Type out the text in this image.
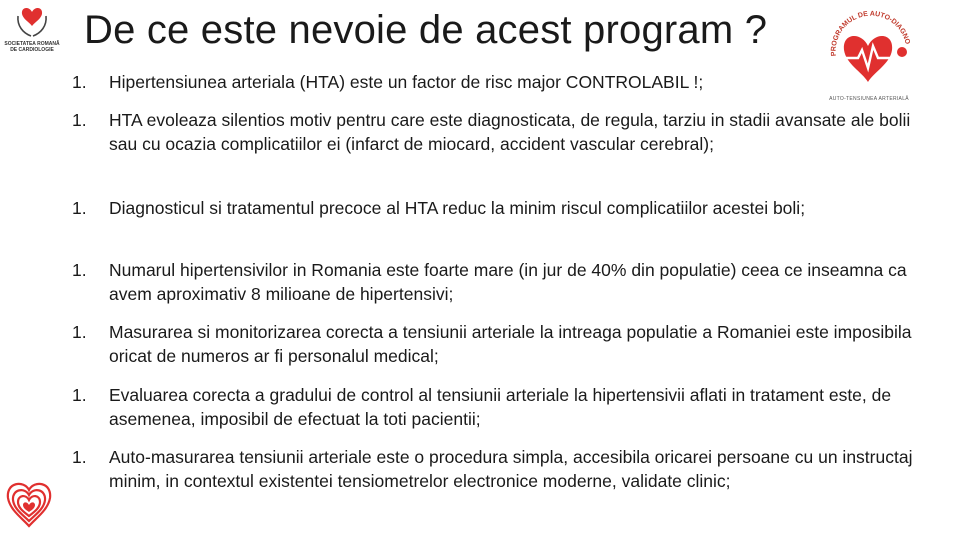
SOCIETATEA ROMANĂ DE CARDIOLOGIE De ce este nevoie de acest program ?
PROGRAMUL DE AUTO-DIAGNO
AUTO-TENSIUNEA ARTERIALĂ
1.	Hipertensiunea arteriala (HTA) este un factor de risc major CONTROLABIL !;
1.	HTA evoleaza silentios motiv pentru care este diagnosticata, de regula, tarziu in stadii avansate ale bolii sau cu ocazia complicatiilor ei (infarct de miocard, accident vascular cerebral);
1.	Diagnosticul si tratamentul precoce al HTA reduc la minim riscul complicatiilor acestei boli;
1.	Numarul hipertensivilor in Romania este foarte mare (in jur de 40% din populatie) ceea ce inseamna ca avem aproximativ 8 milioane de hipertensivi;
1.	Masurarea si monitorizarea corecta a tensiunii arteriale la intreaga populatie a Romaniei este imposibila oricat de numeros ar fi personalul medical;
1.	Evaluarea corecta a gradului de control al tensiunii arteriale la hipertensivii aflati in tratament este, de asemenea, imposibil de efectuat la toti pacientii;
1.	Auto-masurarea tensiunii arteriale este o procedura simpla, accesibila oricarei persoane cu un instructaj minim, in contextul existentei tensiometrelor electronice moderne, validate clinic;
